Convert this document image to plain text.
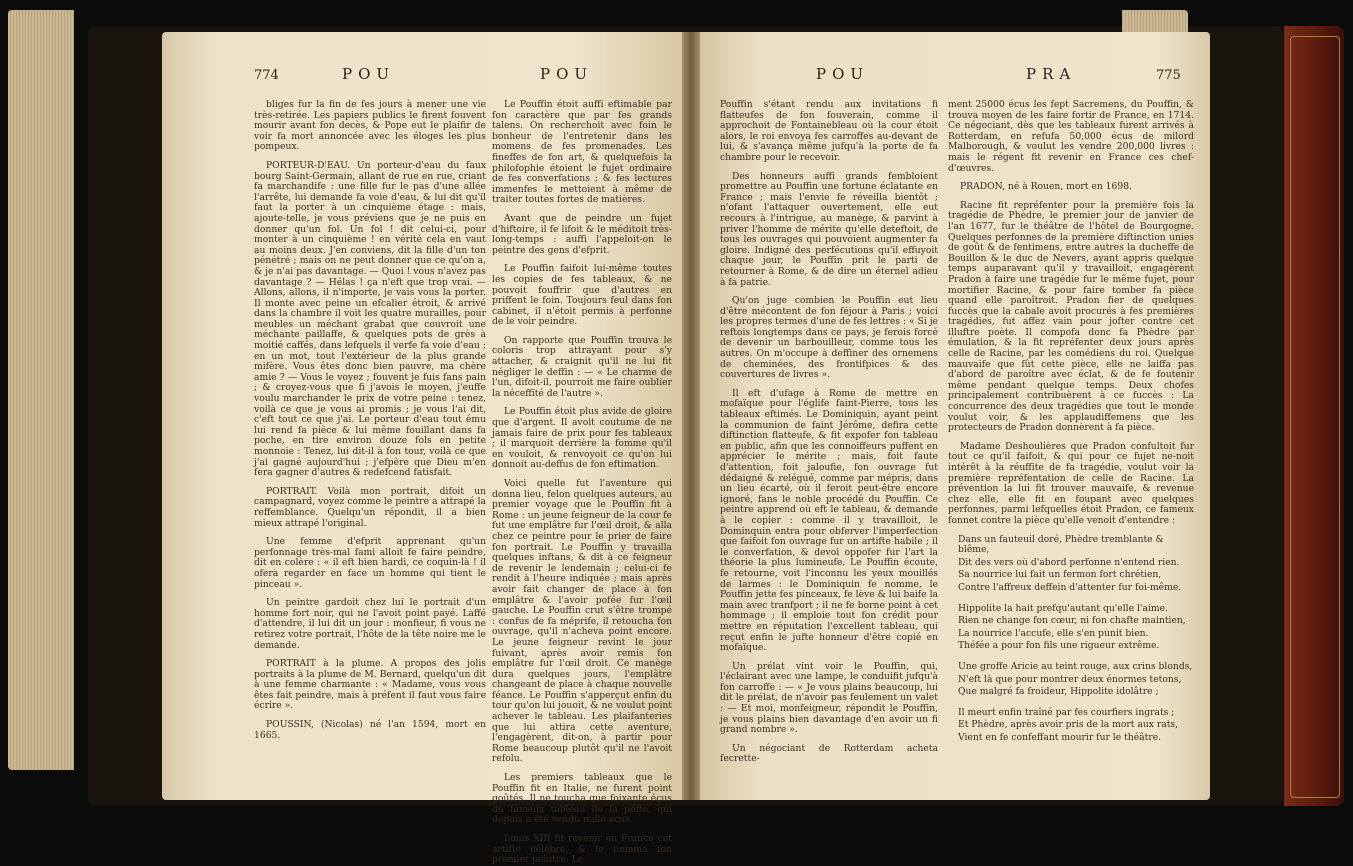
774	POU	POU

bliges fur la fin de fes jours à mener une vie très-retirée. Les papiers publics le firent fouvent mourir avant fon decès, & Pope eut le plaifir de voir fa mort annoncée avec les éloges les plus pompeux.

PORTEUR-D'EAU. Un porteur-d'eau du faux bourg Saint-Germain, allant de rue en rue, criant fa marchandife : une fille fur le pas d'une allée l'arrête, lui demande fa voie d'eau, & lui dit qu'il faut la porter à un cinquième étage : mais, ajoute-telle, je vous préviens que je ne puis en donner qu'un fol. Un fol ! dit celui-ci, pour monter à un cinquième ! en vérité cela en vaut au moins deux. J'en conviens, dit la fille d'un ton pénétré ; mais on ne peut donner que ce qu'on a, & je n'ai pas davantage. — Quoi ! vous n'avez pas davantage ? — Hélas ! ça n'eft que trop vrai. — Allons, allons, il n'importe, je vais vous la porter. Il monte avec peine un efcalier étroit, & arrivé dans la chambre il voit les quatre murailles, pour meubles un méchant grabat que couvroit une méchante paillaffe, & quelques pots de grès à moitié caffés, dans lefquels il verfe fa voie d'eau ; en un mot, tout l'extérieur de la plus grande mifère. Vous êtes donc bien pauvre, ma chère amie ? — Vous le voyez ; fouvent je fuis fans pain ; & croyez-vous que fi j'avois le moyen, j'euffe voulu marchander le prix de votre peine : tenez, voilà ce que je vous ai promis ; je vous l'ai dit, c'eft tout ce que j'ai. Le porteur d'eau tout ému lui rend fa pièce & lui même fouillant dans fa poche, en tire environ douze fols en petite monnoie : Tenez, lui dit-il à fon tour, voilà ce que j'ai gagné aujourd'hui ; j'efpère que Dieu m'en fera gagner d'autres & redefcend fatisfait.

PORTRAIT. Voilà mon portrait, difoit un campagnard, voyez comme le peintre a attrapé la reffemblance. Quelqu'un répondit, il a bien mieux attrapé l'original.

Une femme d'efprit apprenant qu'un perfonnage très-mal fami alloit fe faire peindre, dit en colère : « il eft bien hardi, ce coquin-là ! il ofera regarder en face un homme qui tient le pinceau ».

Un peintre gardoit chez lui le portrait d'un homme fort noir, qui ne l'avoit point payé. Laffé d'attendre, il lui dit un jour : monfieur, fi vous ne retirez votre portrait, l'hôte de la tête noire me le demande.

PORTRAIT à la plume. A propos des jolis portraits à la plume de M. Bernard, quelqu'un dit à une femme charmante : « Madame, vous vous êtes fait peindre, mais à préfent il faut vous faire écrire ».

POUSSIN, (Nicolas) né l'an 1594, mort en 1665.

Le Pouffin étoit auffi eftimable par fon caractère que par fes grands talens. On recherchoit avec foin le bonheur de l'entretenir dans les momens de fes promenades. Les fineffes de fon art, & quelquefois la philofophie étoient le fujet ordinaire de fes converfations ; & fes lectures immenfes le mettoient à même de traiter toutes fortes de matières.

Avant que de peindre un fujet d'hiftoire, il fe lifoit & le méditoit très-long-temps : auffi l'appeloit-on le peintre des gens d'efprit.

Le Pouffin faifoit lui-même toutes les copies de fes tableaux, & ne pouvoit fouffrir que d'autres en priffent le foin. Toujours feul dans fon cabinet, il n'étoit permis à perfonne de le voir peindre.

On rapporte que Pouffin trouva le coloris trop attrayant pour s'y attacher, & craignit qu'il ne lui fit négliger le deffin : — « Le charme de l'un, difoit-il, pourroit me faire oublier la néceffité de l'autre ».

Le Pouffin étoit plus avide de gloire que d'argent. Il avoit coutume de ne jamais faire de prix pour fes tableaux ; il marquoit derrière la fomme qu'il en vouloit, & renvoyoit ce qu'on lui donnoit au-deffus de fon eftimation.

Voici quelle fut l'aventure qui donna lieu, felon quelques auteurs, au premier voyage que le Pouffin fit à Rome : un jeune feigneur de la cour fe fut une emplâtre fur l'œil droit, & alla chez ce peintre pour le prier de faire fon portrait. Le Pouffin y travailla quelques inftans, & dit à ce feigneur de revenir le lendemain ; celui-ci fe rendit à l'heure indiquée ; mais après avoir fait changer de place à fon emplâtre & l'avoir pofée fur l'œil gauche. Le Pouffin crut s'être trompé : confus de fa méprife, il retoucha fon ouvrage, qu'il n'acheva point encore. Le jeune feigneur revint le jour fuivant, après avoir remis fon emplâtre fur l'œil droit. Ce manège dura quelques jours, l'emplâtre changeant de place à chaque nouvelle féance. Le Pouffin s'apperçut enfin du tour qu'on lui jouoit, & ne voulut point achever le tableau. Les plaifanteries que lui attira cette aventure, l'engagèrent, dit-on, à partir pour Rome beaucoup plutôt qu'il ne l'avoit refolu.

Les premiers tableaux que le Pouffin fit en Italie, ne furent point goûtés. Il ne toucha que foixante écus du fameux tableau de la pefte, qui depuis a été vendu mille écus.

Louis XIII fit revenir en France cet artifte célèbre, & le nomma fon premier peintre. Le

POU	PRA	775

Pouffin s'étant rendu aux invitations fi flatteufes de fon fouverain, comme il approchoit de Fontainebleau où la cour étoit alors, le roi envoya fes carroffes au-devant de lui, & s'avança même jufqu'à la porte de fa chambre pour le recevoir.

Des honneurs auffi grands fembloient promettre au Pouffin une fortune éclatante en France ; mais l'envie fe réveilla bientôt ; n'ofant l'attaquer ouvertement, elle eut recours à l'intrigue, au manège, & parvint à priver l'homme de mérite qu'elle deteftoit, de tous les ouvrages qui pouvoient augmenter fa gloire. Indigné des perfécutions qu'il effuyoit chaque jour, le Pouffin prit le parti de retourner à Rome, & de dire un éternel adieu à fa patrie.

Qu'on juge combien le Pouffin eut lieu d'être mécontent de fon féjour à Paris ; voici les propres termes d'une de fes lettres : « Si je reftois longtemps dans ce pays, je ferois forcé de devenir un barbouilleur, comme tous les autres. On m'occupe à deffiner des ornemens de cheminées, des frontifpices & des couvertures de livres ».

Il eft d'ufage à Rome de mettre en mofaïque pour l'églife faint-Pierre, tous les tableaux eftimés. Le Dominiquin, ayant peint la communion de faint Jérôme, defira cette diftinction flatteufe, & fit expofer fon tableau en public, afin que les connoiffeurs puffent en apprécier le mérite ; mais, foit faute d'attention, foit jaloufie, fon ouvrage fut dédaigné & relégué, comme par mépris, dans un lieu écarté, où il feroit peut-être encore ignoré, fans le noble procédé du Pouffin. Ce peintre apprend où eft le tableau, & demande à le copier : comme il y travailloit, le Dominquin entra pour obferver l'imperfection que faifoit fon ouvrage fur un artifte habile ; il le converfation, & devoi oppofer fur l'art la théorie la plus lumineufe. Le Pouffin écoute, fe retourne, voit l'inconnu les yeux mouillés de larmes : le Dominiquin fe nomme, le Pouffin jette fes pinceaux, fe lève & lui baife la main avec tranfport ; il ne fe borne point à cet hommage ; il emploie tout fon crédit pour mettre en réputation l'excellent tableau, qui reçut enfin le jufte honneur d'être copié en mofaïque.

Un prélat vint voir le Pouffin, qui, l'éclairant avec une lampe, le conduifit jufqu'à fon carroffe : — « Je vous plains beaucoup, lui dit le prélat, de n'avoir pas feulement un valet : — Et moi, monfeigneur, répondit le Pouffin, je vous plains bien davantage d'en avoir un fi grand nombre ».

Un négociant de Rotterdam acheta fecrette-

ment 25000 écus les fept Sacremens, du Pouffin, & trouva moyen de les faire fortir de France, en 1714. Ce négociant, dès que les tableaux furent arrivés à Rotterdam, en refufa 50,000 écus de milord Malborough, & voulut les vendre 200,000 livres : mais le régent fit revenir en France ces chef-d'œuvres.

PRADON, né à Rouen, mort en 1698.

Racine fit repréfenter pour la première fois la tragédie de Phèdre, le premier jour de janvier de l'an 1677, fur le théâtre de l'hôtel de Bourgogne. Quelques perfonnes de la première diftinction unies de goût & de fentimens, entre autres la ducheffe de Bouillon & le duc de Nevers, ayant appris quelque temps auparavant qu'il y travailloit, engagèrent Pradon à faire une tragédie fur le même fujet, pour mortifier Racine, & pour faire tomber fa pièce quand elle paroîtroit. Pradon fier de quelques fuccès que la cabale avoit procurés à fes premières tragédies, fut affez vain pour jofter contre cet illuftre poète. Il compofa donc fa Phèdre par émulation, & la fit repréfenter deux jours après celle de Racine, par les comédiens du roi. Quelque mauvaife que fût cette pièce, elle ne laiffa pas d'abord de paroître avec éclat, & de fe foutenir même pendant quelque temps. Deux chofes principalement contribuèrent à ce fuccès : La concurrence des deux tragédies que tout le monde voulut voir, & les applaudiffemens que les protecteurs de Pradon donnèrent à fa pièce.

Madame Deshoulières que Pradon confultoit fur tout ce qu'il faifoit, & qui pour ce fujet ne-noit intérêt à la réuffite de fa tragédie, voulut voir la première repréfentation de celle de Racine. La prévention la lui fit trouver mauvaife, & revenue chez elle, elle fit en foupant avec quelques perfonnes, parmi lefquelles étoit Pradon, ce fameux fonnet contre la pièce qu'elle venoit d'entendre :

Dans un fauteuil doré, Phèdre tremblante & blême,

Dit des vers où d'abord perfonne n'entend rien.

Sa nourrice lui fait un fermon fort chrétien,

Contre l'affreux deffein d'attenter fur foi-même.

Hippolite la hait prefqu'autant qu'elle l'aime.

Rien ne change fon cœur, ni fon chafte maintien,

La nourrice l'accufe, elle s'en punit bien.

Théfée a pour fon fils une rigueur extrême.

Une groffe Aricie au teint rouge, aux crins blonds,

N'eft là que pour montrer deux énormes tetons,

Que malgré fa froideur, Hippolite idolâtre ;

Il meurt enfin traîné par fes courfiers ingrats ;

Et Phèdre, après avoir pris de la mort aux rats,

Vient en fe confeffant mourir fur le théâtre.
